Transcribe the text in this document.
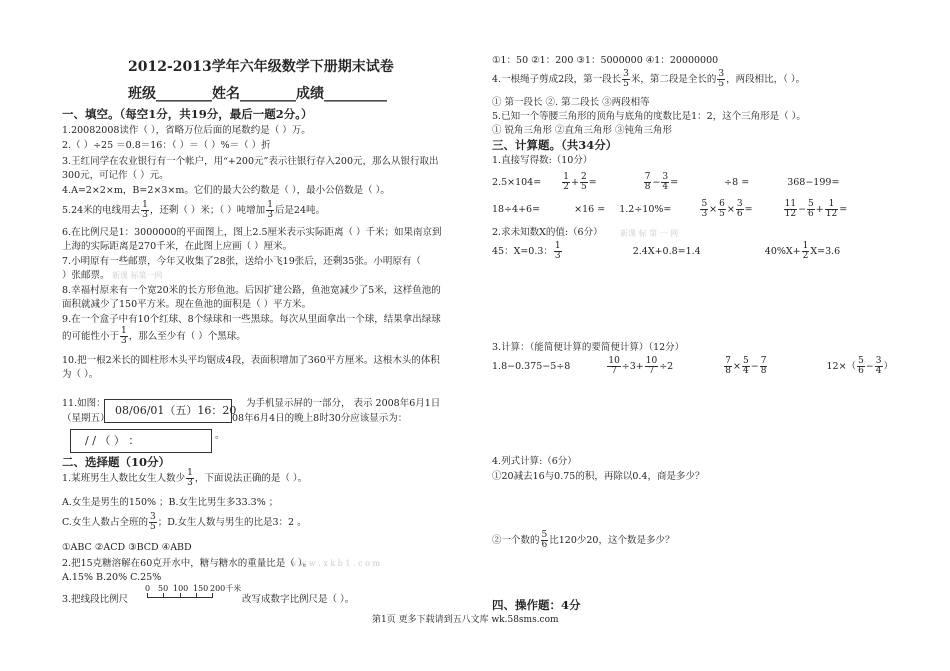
2012-2013学年六年级数学下册期末试卷
班级________姓名________成绩_________
一、填空。（每空1分，共19分，最后一题2分。）
1.20082008读作（ ），省略万位后面的尾数约是（ ）万。
2.（ ）÷25 ＝0.8＝16：（ ）＝（ ）%＝（ ）折
3.王红同学在农业银行有一个帐户，用“+200元”表示往银行存入200元，那么从银行取出
300元，可记作（ ）元。
4.A=2×2×m，B=2×3×m。它们的最大公约数是（ ），最小公倍数是（ ）。
5.24米的电线用去 $\frac{1}{3}$ ，还剩（ ）米；（ ）吨增加 $\frac{1}{3}$ 后是24吨。
6.在比例尺是1：3000000的平面图上，图上2.5厘米表示实际距离（ ）千米；如果南京到
上海的实际距离是270千米，在此图上应画（ ）厘米。
7.小明原有一些邮票，今年又收集了28张，送给小飞19张后，还剩35张。小明原有（
）张邮票。 新课 标第一网
8.幸福村原来有一个宽20米的长方形鱼池。后因扩建公路，鱼池宽减少了5米，这样鱼池的
面积就减少了150平方米。现在鱼池的面积是（ ）平方米。
9.在一个盒子中有10个红球、8个绿球和一些黑球。每次从里面拿出一个球，结果拿出绿球
的可能性小于 $\frac{1}{3}$ ，那么至少有（ ）个黑球。
10.把一根2米长的圆柱形木头平均锯成4段，表面积增加了360平方厘米。这根木头的体积
为（ ）。
11.如图：
08/06/01（五）16：20
为手机显示屏的一部分， 表示 2008年6月1日
（星期五）	08年6月4日的晚上8时30分应该显示为：
/ / （ ） ：	。
二、选择题（10分）
1.某班男生人数比女生人数少 $\frac{1}{3}$ ，下面说法正确的是（ ）。
A.女生是男生的150% ；B.女生比男生多33.3% ；
C.女生人数占全班的 $\frac{3}{5}$ ；D.女生人数与男生的比是3：2 。
①ABC ②ACD ③BCD ④ABD
w w w . x k b 1 . c o m
2.把15克糖溶解在60克开水中，糖与糖水的重量比是（ ）。
A.15% B.20% C.25%
3.把线段比例尺
0 50 100 150 200千米
改写成数字比例尺是（ ）。
①1：50 ②1：200 ③1：5000000 ④1：20000000
4.一根绳子剪成2段，第一段长 $\frac{3}{5}$ 米，第二段是全长的 $\frac{3}{5}$ ，两段相比，（ ）。
① 第一段长 ②. 第二段长 ③两段相等
5.已知一个等腰三角形的顶角与底角的度数比是1：2，这个三角形是（ ）。
① 锐角三角形 ②直角三角形 ③钝角三角形
三、计算题。（共34分）
1.直接写得数:（10分）
$2.5\times 104= \frac{1}{2} + \frac{2}{5}$ =	$\frac{7}{8} - \frac{3}{4}$ =	÷8 =	368−199=
18÷4+6=	×16 = 1.2÷10%=	$\frac{5}{3} \times \frac{6}{5} \times \frac{3}{6}$ =	$\frac{11}{12} - \frac{5}{6} + \frac{1}{12}$ =
2.求未知数X的值:（6分） 新课 标 第 一 网
45：X=0.3： $\frac{1}{3}$	2.4X+0.8=1.4	$40\%X+ \frac{1}{2} X=3.6$
3.计算：（能简便计算的要简便计算）（12分）
1.8−0.375−5÷8	$\frac{10}{7} \div 3+ \frac{10}{7} \div 2$	$\frac{7}{8} \times \frac{5}{4} - \frac{7}{8}$	$12\times( \frac{5}{6} - \frac{3}{4}$ ）
4.列式计算:（6分）
①20减去16与0.75的积，再除以0.4，商是多少？
②一个数的 $\frac{5}{6}$ 比120少20，这个数是多少？
四、操作题：4分
第1页 更多下载请到五八文库 wk.58sms.com
